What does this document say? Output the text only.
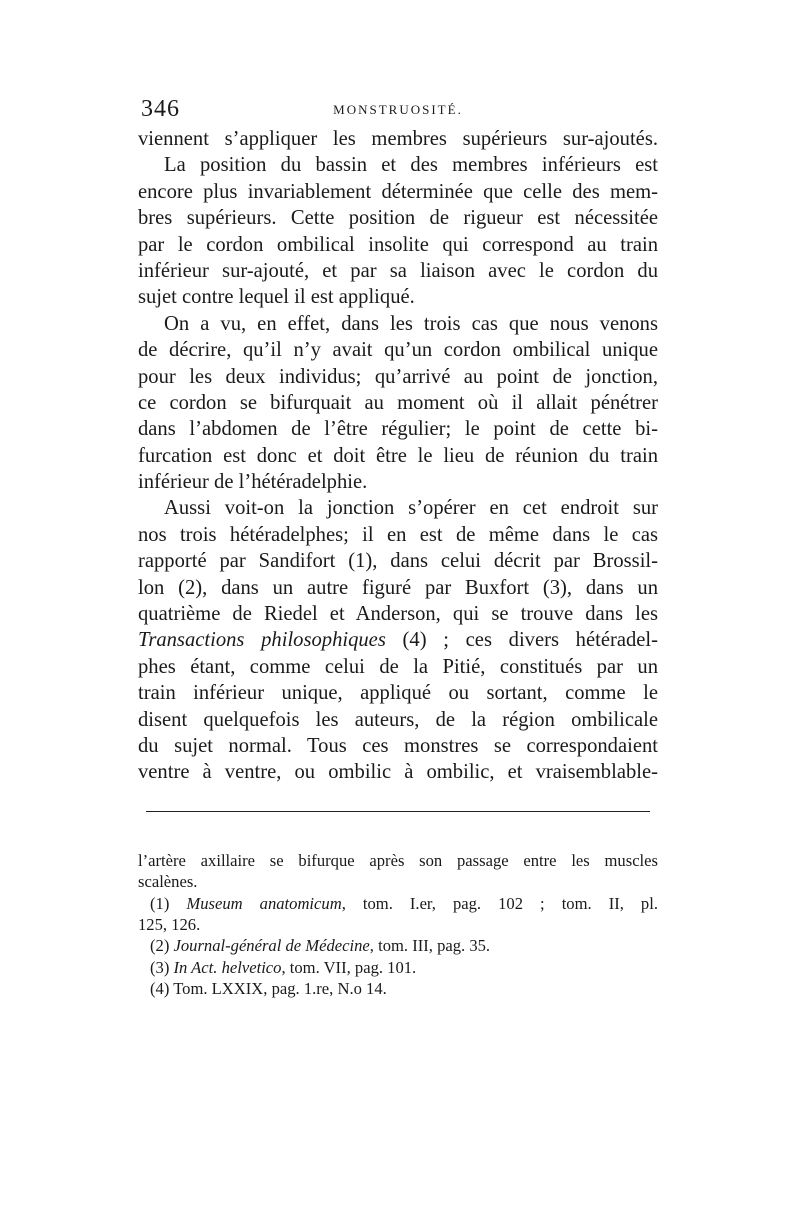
346	MONSTRUOSITÉ.
viennent s’appliquer les membres supérieurs sur-ajoutés.
La position du bassin et des membres inférieurs est
encore plus invariablement déterminée que celle des mem-
bres supérieurs. Cette position de rigueur est nécessitée
par le cordon ombilical insolite qui correspond au train
inférieur sur-ajouté, et par sa liaison avec le cordon du
sujet contre lequel il est appliqué.
On a vu, en effet, dans les trois cas que nous venons
de décrire, qu’il n’y avait qu’un cordon ombilical unique
pour les deux individus; qu’arrivé au point de jonction,
ce cordon se bifurquait au moment où il allait pénétrer
dans l’abdomen de l’être régulier; le point de cette bi-
furcation est donc et doit être le lieu de réunion du train
inférieur de l’hétéradelphie.
Aussi voit-on la jonction s’opérer en cet endroit sur
nos trois hétéradelphes; il en est de même dans le cas
rapporté par Sandifort (1), dans celui décrit par Brossil-
lon (2), dans un autre figuré par Buxfort (3), dans un
quatrième de Riedel et Anderson, qui se trouve dans les
Transactions philosophiques (4) ; ces divers hétéradel-
phes étant, comme celui de la Pitié, constitués par un
train inférieur unique, appliqué ou sortant, comme le
disent quelquefois les auteurs, de la région ombilicale
du sujet normal. Tous ces monstres se correspondaient
ventre à ventre, ou ombilic à ombilic, et vraisemblable-
l’artère axillaire se bifurque après son passage entre les muscles
scalènes.
(1) Museum anatomicum, tom. I.er, pag. 102 ; tom. II, pl.
125, 126.
(2) Journal-général de Médecine, tom. III, pag. 35.
(3) In Act. helvetico, tom. VII, pag. 101.
(4) Tom. LXXIX, pag. 1.re, N.o 14.
